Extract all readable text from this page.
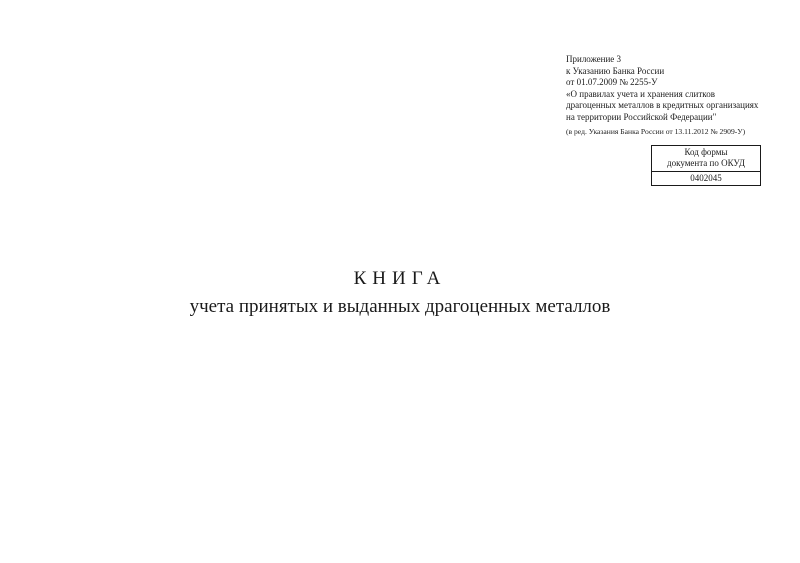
Приложение 3
к Указанию Банка России
от 01.07.2009 № 2255-У
«О правилах учета и хранения слитков
драгоценных металлов в кредитных организациях
на территории Российской Федерации"
(в ред. Указания Банка России от 13.11.2012 № 2909-У)
Код формы
документа по ОКУД
0402045
КНИГА
учета принятых и выданных драгоценных металлов
